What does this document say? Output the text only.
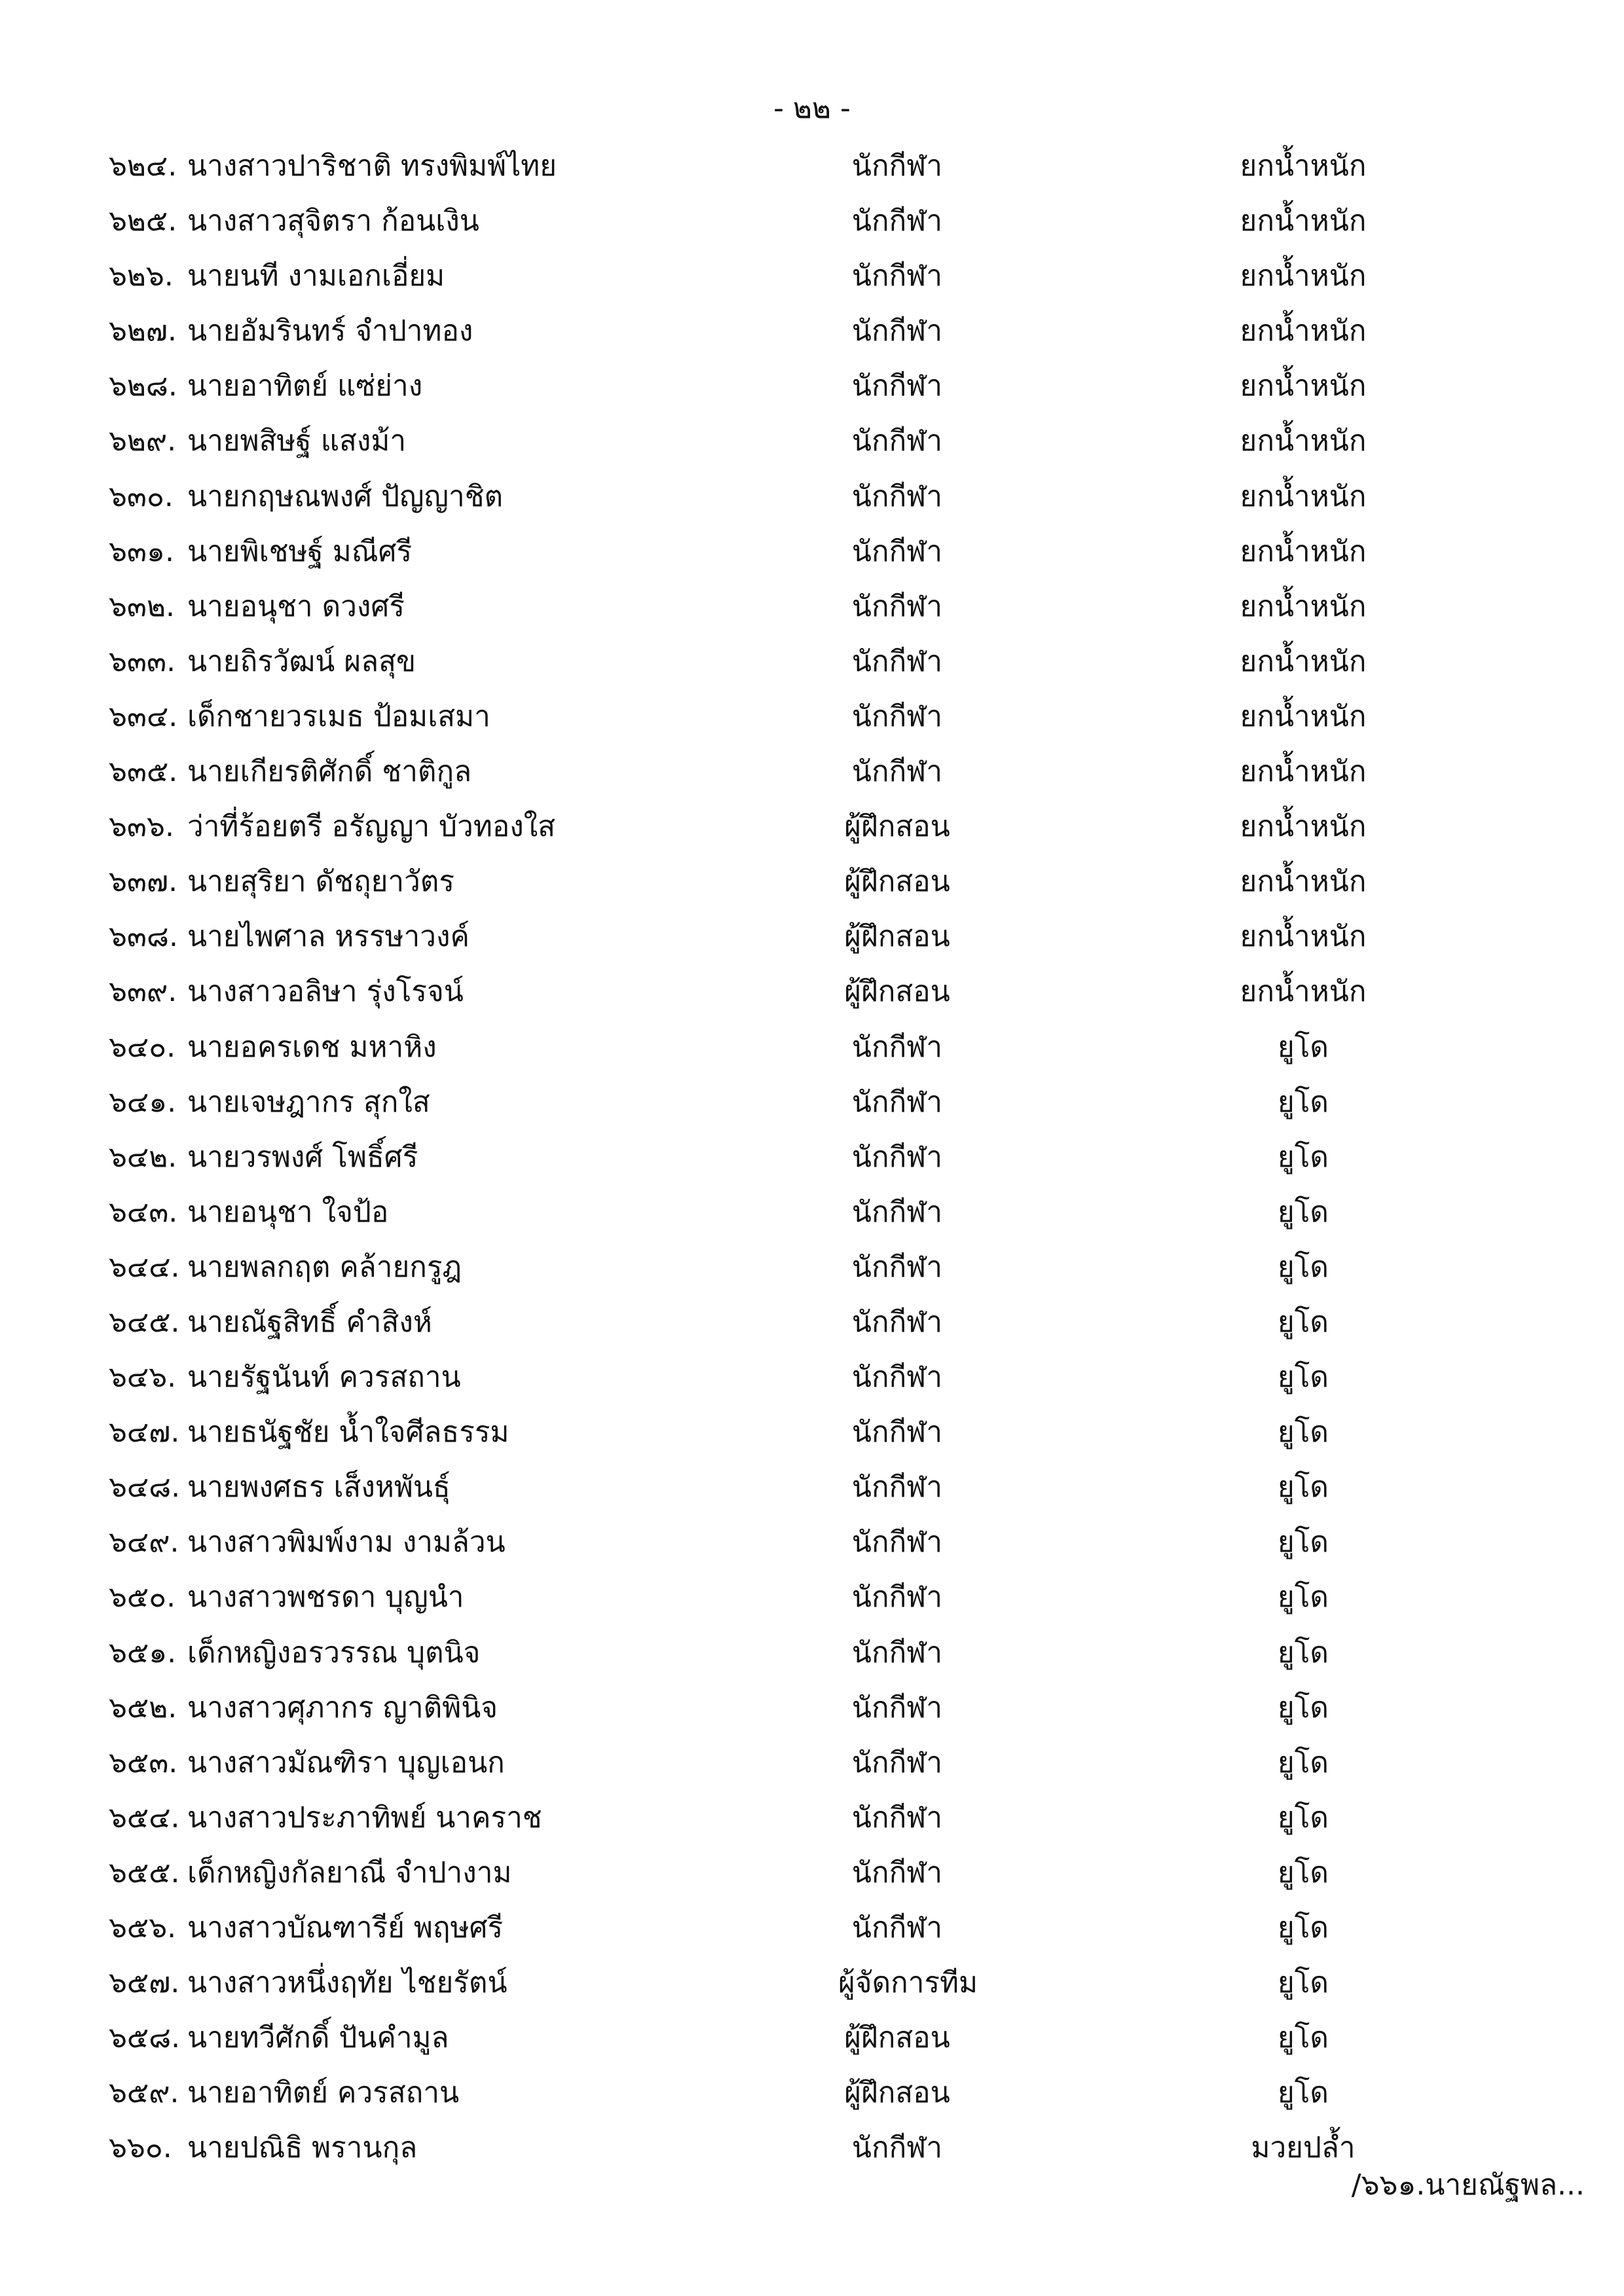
- ๒๒ -
๖๒๔. นางสาวปาริชาติ ทรงพิมพ์ไทย	นักกีฬา	ยกน้ำหนัก
๖๒๕. นางสาวสุจิตรา ก้อนเงิน	นักกีฬา	ยกน้ำหนัก
๖๒๖. นายนที งามเอกเอี่ยม	นักกีฬา	ยกน้ำหนัก
๖๒๗. นายอัมรินทร์ จำปาทอง	นักกีฬา	ยกน้ำหนัก
๖๒๘. นายอาทิตย์ แซ่ย่าง	นักกีฬา	ยกน้ำหนัก
๖๒๙. นายพสิษฐ์ แสงม้า	นักกีฬา	ยกน้ำหนัก
๖๓๐. นายกฤษณพงศ์ ปัญญาชิต	นักกีฬา	ยกน้ำหนัก
๖๓๑. นายพิเชษฐ์ มณีศรี	นักกีฬา	ยกน้ำหนัก
๖๓๒. นายอนุชา ดวงศรี	นักกีฬา	ยกน้ำหนัก
๖๓๓. นายถิรวัฒน์ ผลสุข	นักกีฬา	ยกน้ำหนัก
๖๓๔. เด็กชายวรเมธ ป้อมเสมา	นักกีฬา	ยกน้ำหนัก
๖๓๕. นายเกียรติศักดิ์ ชาติกูล	นักกีฬา	ยกน้ำหนัก
๖๓๖. ว่าที่ร้อยตรี อรัญญา บัวทองใส	ผู้ฝึกสอน	ยกน้ำหนัก
๖๓๗. นายสุริยา ดัชถุยาวัตร	ผู้ฝึกสอน	ยกน้ำหนัก
๖๓๘. นายไพศาล หรรษาวงค์	ผู้ฝึกสอน	ยกน้ำหนัก
๖๓๙. นางสาวอลิษา รุ่งโรจน์	ผู้ฝึกสอน	ยกน้ำหนัก
๖๔๐. นายอครเดช มหาหิง	นักกีฬา	ยูโด
๖๔๑. นายเจษฎากร สุกใส	นักกีฬา	ยูโด
๖๔๒. นายวรพงศ์ โพธิ์ศรี	นักกีฬา	ยูโด
๖๔๓. นายอนุชา ใจป้อ	นักกีฬา	ยูโด
๖๔๔. นายพลกฤต คล้ายกรูฎ	นักกีฬา	ยูโด
๖๔๕. นายณัฐสิทธิ์ คำสิงห์	นักกีฬา	ยูโด
๖๔๖. นายรัฐนันท์ ควรสถาน	นักกีฬา	ยูโด
๖๔๗. นายธนัฐชัย น้ำใจศีลธรรม	นักกีฬา	ยูโด
๖๔๘. นายพงศธร เส็งหพันธุ์	นักกีฬา	ยูโด
๖๔๙. นางสาวพิมพ์งาม งามล้วน	นักกีฬา	ยูโด
๖๕๐. นางสาวพชรดา บุญนำ	นักกีฬา	ยูโด
๖๕๑. เด็กหญิงอรวรรณ บุตนิจ	นักกีฬา	ยูโด
๖๕๒. นางสาวศุภากร ญาติพินิจ	นักกีฬา	ยูโด
๖๕๓. นางสาวมัณฑิรา บุญเอนก	นักกีฬา	ยูโด
๖๕๔. นางสาวประภาทิพย์ นาคราช	นักกีฬา	ยูโด
๖๕๕. เด็กหญิงกัลยาณี จำปางาม	นักกีฬา	ยูโด
๖๕๖. นางสาวบัณฑารีย์ พฤษศรี	นักกีฬา	ยูโด
๖๕๗. นางสาวหนึ่งฤทัย ไชยรัตน์	ผู้จัดการทีม	ยูโด
๖๕๘. นายทวีศักดิ์ ปันคำมูล	ผู้ฝึกสอน	ยูโด
๖๕๙. นายอาทิตย์ ควรสถาน	ผู้ฝึกสอน	ยูโด
๖๖๐. นายปณิธิ พรานกุล	นักกีฬา	มวยปล้ำ
/๖๖๑.นายณัฐพล...
